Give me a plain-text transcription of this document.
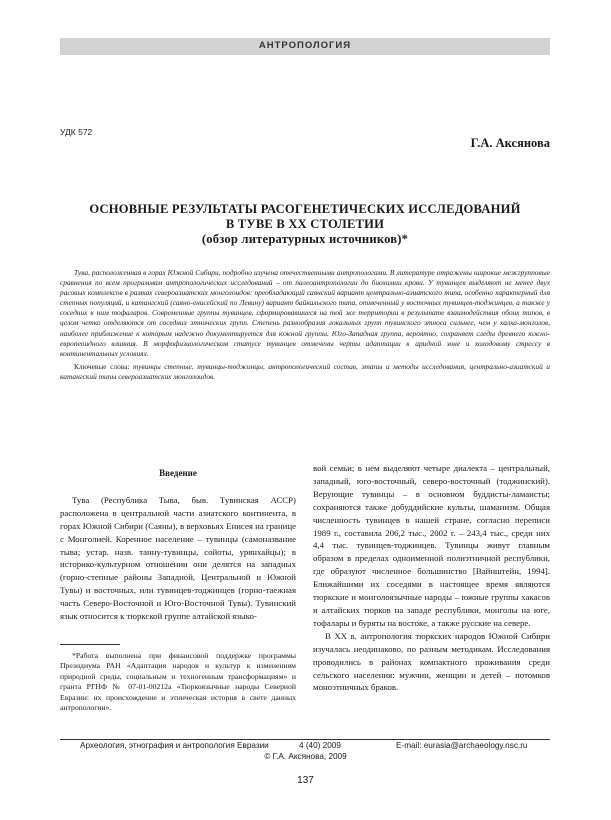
АНТРОПОЛОГИЯ
УДК 572
Г.А. Аксянова
ОСНОВНЫЕ РЕЗУЛЬТАТЫ РАСОГЕНЕТИЧЕСКИХ ИССЛЕДОВАНИЙ
В ТУВЕ В ХХ СТОЛЕТИИ
(обзор литературных источников)*

Тува, расположенная в горах Южной Сибири, подробно изучена отечественными антропологами. В литературе отражены широкие межгрупповые сравнения по всем программам антропологических исследований – от палеоантропологии до биохимии крови. У тувинцев выделяют не менее двух расовых комплексов в рамках североазиатских монголоидов: преобладающий саянский вариант центрально-азиатского типа, особенно характерный для степных популяций, и катангский (саяно-енисейский по Левину) вариант байкальского типа, отмеченный у восточных тувинцев-тоджинцев, а также у соседних к ним тофаларов. Современные группы тувинцев, сформировавшиеся на той же территории в результате взаимодействия обоих типов, в целом четко отделяются от соседних этнических групп. Степень разнообразия локальных групп тувинского этноса сильнее, чем у халха-монголов, наиболее приближение к которым надежно документируется для южной группы. Юго-Западная группа, вероятно, сохраняет следы древнего южно-европеоидного влияния. В морфофизиологическом статусе тувинцев отмечены черты адаптации к аридной зоне и холодовому стрессу в континентальных условиях.

Ключевые слова: тувинцы степные, тувинцы-тоджинцы, антропологический состав, этапы и методы исследования, центрально-азиатский и катангский типы североазиатских монголоидов.

Введение

Тува (Республика Тыва, быв. Тувинская АССР) расположена в центральной части азиатского континента, в горах Южной Сибири (Саяны), в верховьях Енисея на границе с Монголией. Коренное население – тувинцы (самоназвание тыва; устар. назв. танну-тувинцы, сойоты, урянхайцы); в историко-культурном отношении они делятся на западных (горно-степные районы Западной, Центральной и Южной Тувы) и восточных, или тувинцев-тоджинцев (горно-таежная часть Северо-Восточной и Юго-Восточной Тувы). Тувинский язык относится к тюркской группе алтайской языко-

вой семьи; в нем выделяют четыре диалекта – центральный, западный, юго-восточный, северо-восточный (тоджинский). Верующие тувинцы – в основном буддисты-ламаисты; сохраняются также добуддийские культы, шаманизм. Общая численность тувинцев в нашей стране, согласно переписи 1989 г., составила 206,2 тыс., 2002 г. – 243,4 тыс., среди них 4,4 тыс. тувинцев-тоджинцев. Тувинцы живут главным образом в пределах одноименной полиэтничной республики, где образуют численное большинство [Вайнштейн, 1994]. Ближайшими их соседями в настоящее время являются тюркские и монголоязычные народы – южные группы хакасов и алтайских тюрков на западе республики, монголы на юге, тофалары и буряты на востоке, а также русские на севере.

В ХХ в. антропология тюркских народов Южной Сибири изучалась неодинаково, по разным методикам. Исследования проводились в районах компактного проживания среди сельского населения: мужчин, женщин и детей – потомков моноэтничных браков.

*Работа выполнена при финансовой поддержке программы Президиума РАН «Адаптация народов и культур к изменениям природной среды, социальным и техногенным трансформациям» и гранта РГНФ № 07-01-00212а «Тюркоязычные народы Северной Евразии: их происхождение и этническая история в свете данных антропологии».
Археология, этнография и антропология Евразии	4 (40) 2009	E-mail: eurasia@archaeology.nsc.ru
© Г.А. Аксянова, 2009
137
